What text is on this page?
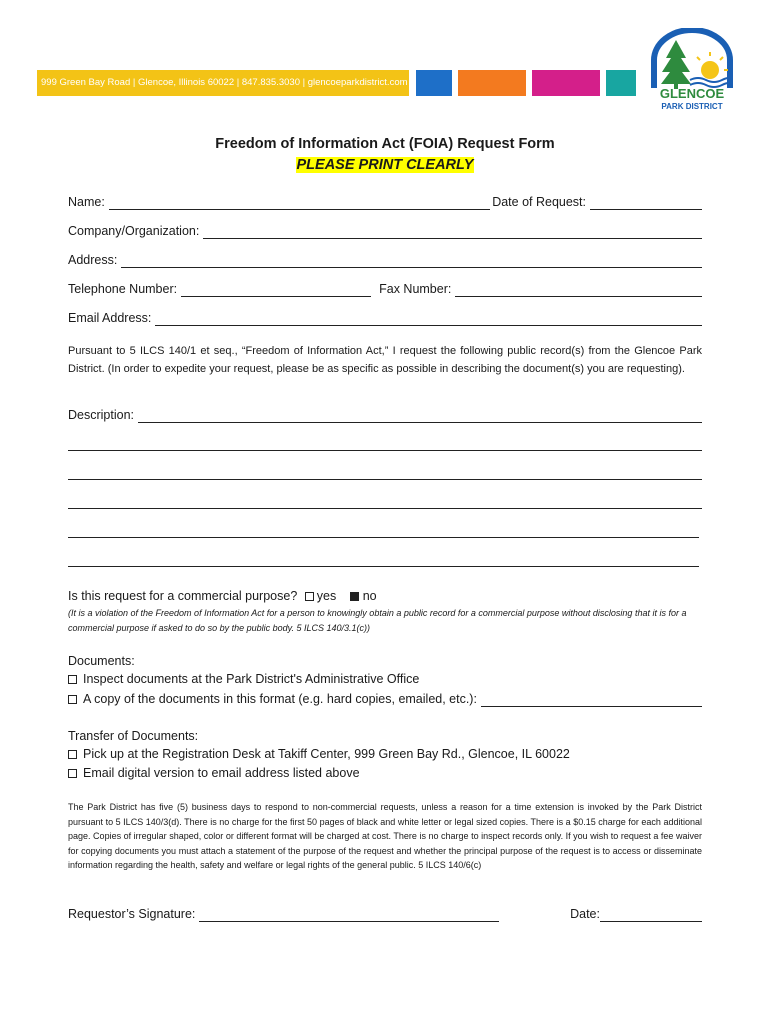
999 Green Bay Road | Glencoe, Illinois 60022 | 847.835.3030 | glencoeparkdistrict.com
GLENCOE
PARK DISTRICT
Freedom of Information Act (FOIA) Request Form
PLEASE PRINT CLEARLY
Name:	Date of Request:
Company/Organization:
Address:
Telephone Number:	Fax Number:
Email Address:
Pursuant to 5 ILCS 140/1 et seq., “Freedom of Information Act,” I request the following public record(s) from the Glencoe Park District. (In order to expedite your request, please be as specific as possible in describing the document(s) you are requesting).
Description:
Is this request for a commercial purpose? yes no
(It is a violation of the Freedom of Information Act for a person to knowingly obtain a public record for a commercial purpose without disclosing that it is for a commercial purpose if asked to do so by the public body. 5 ILCS 140/3.1(c))
Documents:
Inspect documents at the Park District's Administrative Office
A copy of the documents in this format (e.g. hard copies, emailed, etc.):
Transfer of Documents:
Pick up at the Registration Desk at Takiff Center, 999 Green Bay Rd., Glencoe, IL 60022
Email digital version to email address listed above
The Park District has five (5) business days to respond to non-commercial requests, unless a reason for a time extension is invoked by the Park District pursuant to 5 ILCS 140/3(d). There is no charge for the first 50 pages of black and white letter or legal sized copies. There is a $0.15 charge for each additional page. Copies of irregular shaped, color or different format will be charged at cost. There is no charge to inspect records only. If you wish to request a fee waiver for copying documents you must attach a statement of the purpose of the request and whether the principal purpose of the request is to access or disseminate information regarding the health, safety and welfare or legal rights of the general public. 5 ILCS 140/6(c)
Requestor’s Signature:	Date:
